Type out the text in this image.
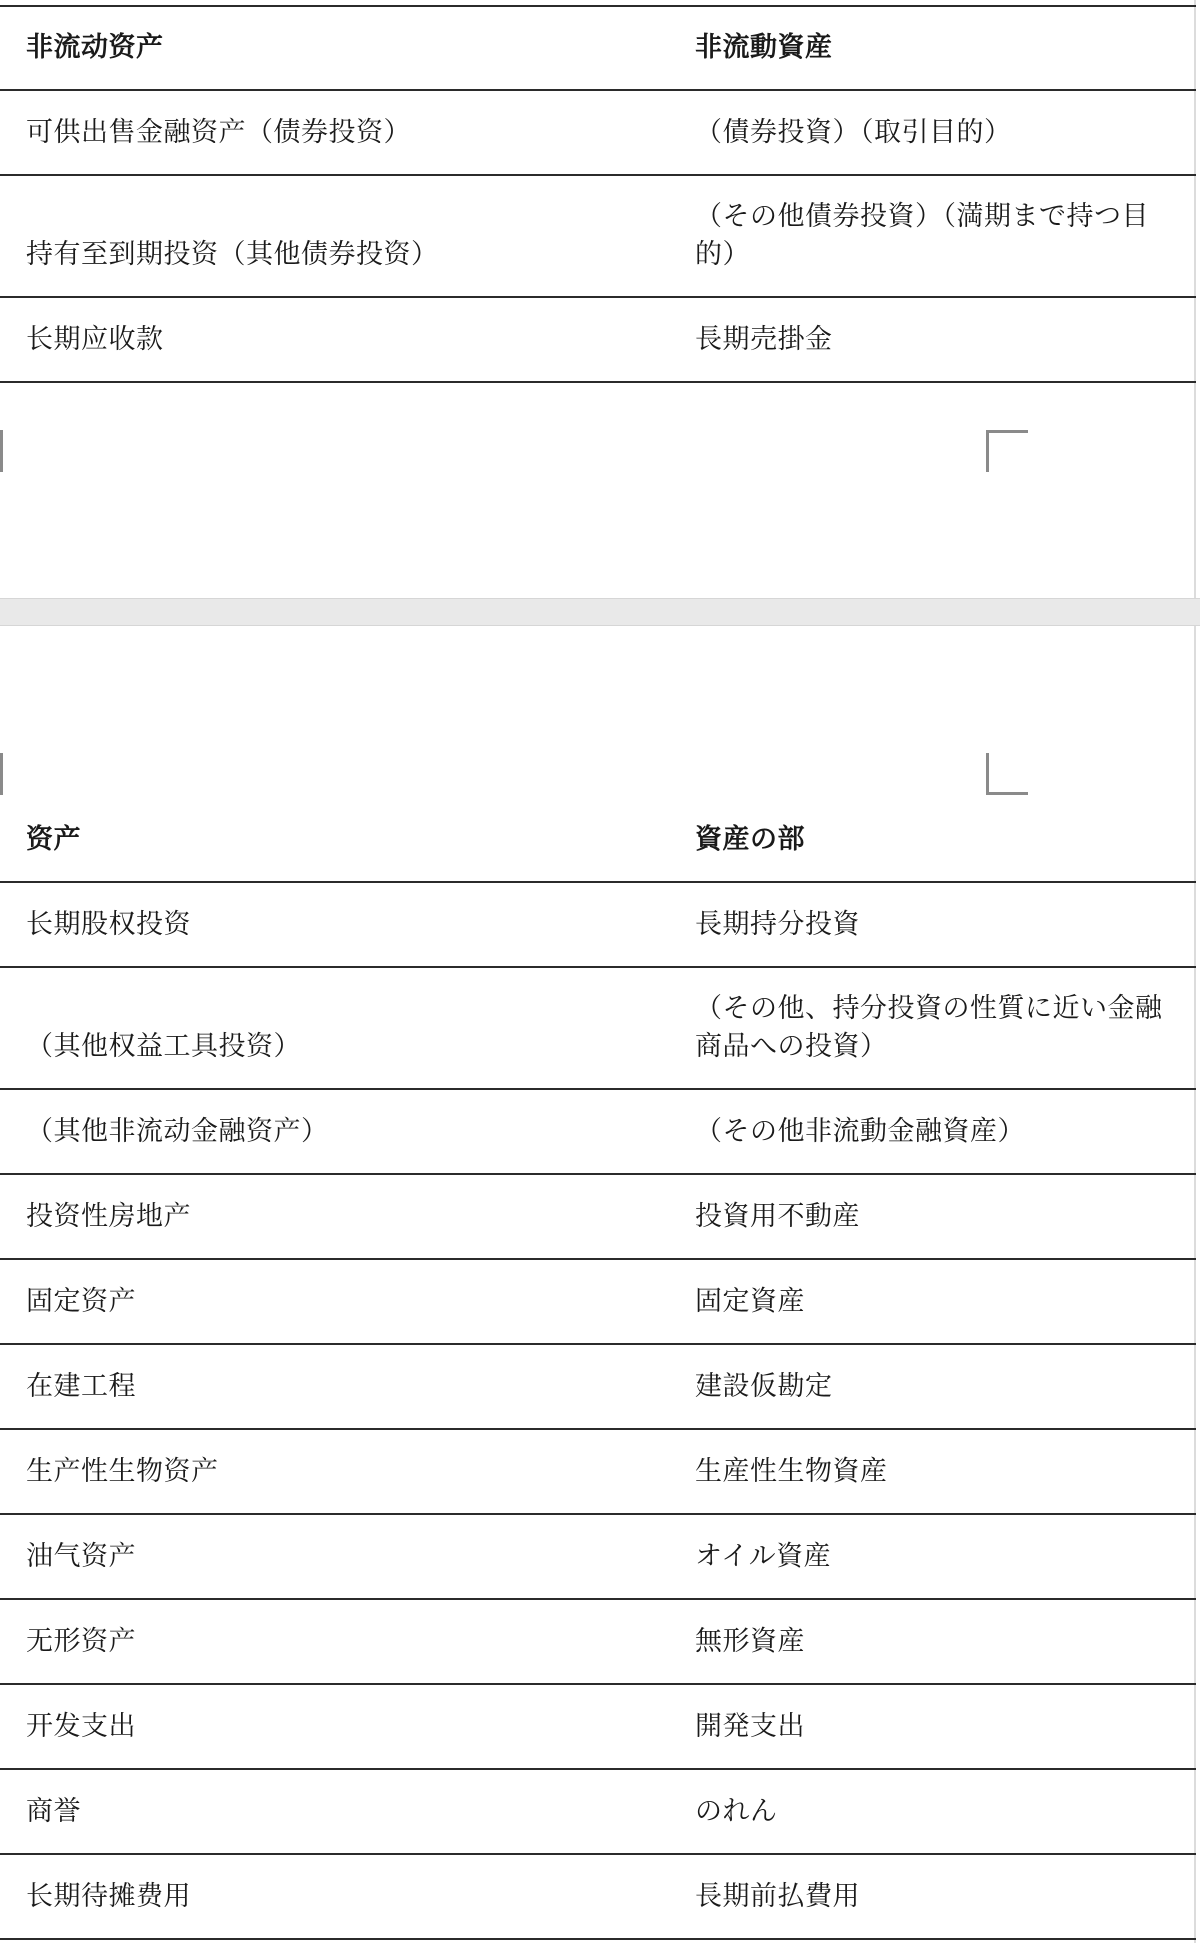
非流动资产	非流動資産
可供出售金融资产（债券投资）	（債券投資）（取引目的）
持有至到期投资（其他债券投资）	（その他債券投資）（満期まで持つ目的）
长期应收款	長期売掛金
资产	資産の部
长期股权投资	長期持分投資
（其他权益工具投资）	（その他、持分投資の性質に近い金融商品への投資）
（其他非流动金融资产）	（その他非流動金融資産）
投资性房地产	投資用不動産
固定资产	固定資産
在建工程	建設仮勘定
生产性生物资产	生産性生物資産
油气资产	オイル資産
无形资产	無形資産
开发支出	開発支出
商誉	のれん
长期待摊费用	長期前払費用
